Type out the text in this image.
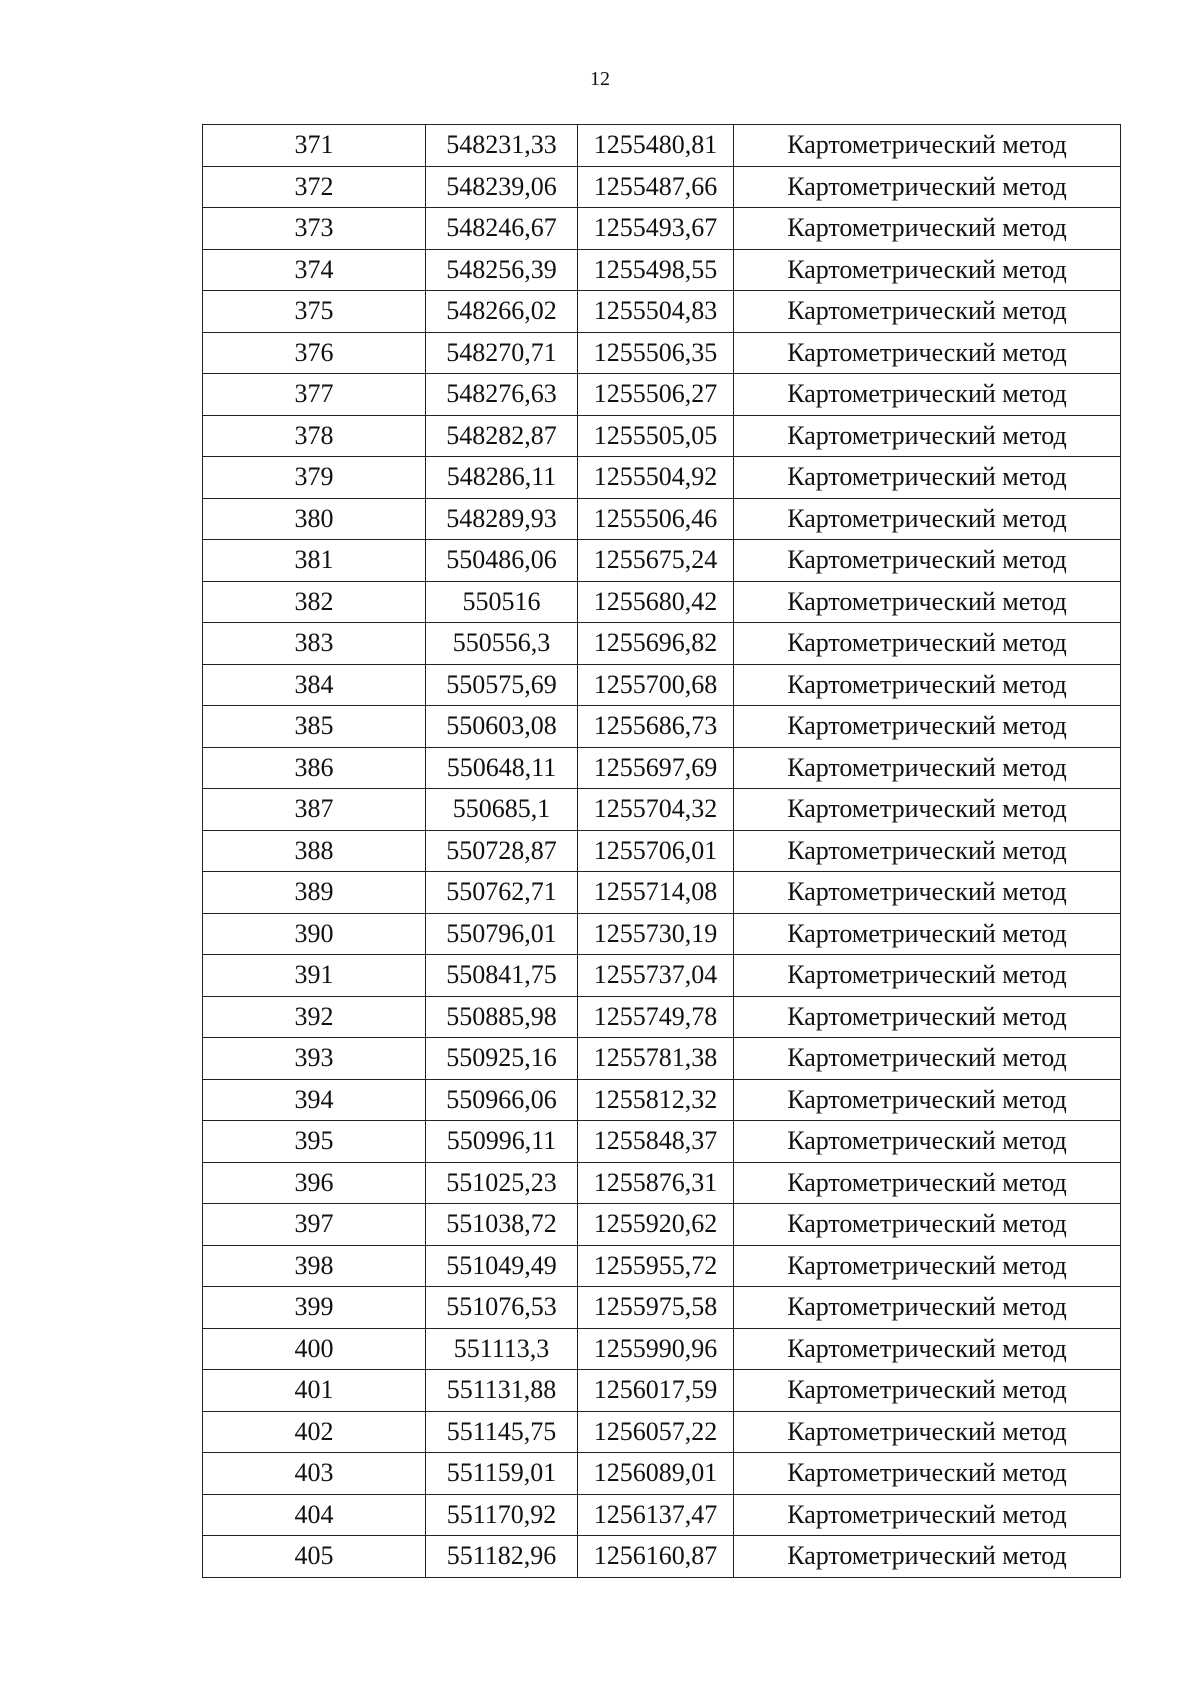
12
371	548231,33	1255480,81	Картометрический метод
372	548239,06	1255487,66	Картометрический метод
373	548246,67	1255493,67	Картометрический метод
374	548256,39	1255498,55	Картометрический метод
375	548266,02	1255504,83	Картометрический метод
376	548270,71	1255506,35	Картометрический метод
377	548276,63	1255506,27	Картометрический метод
378	548282,87	1255505,05	Картометрический метод
379	548286,11	1255504,92	Картометрический метод
380	548289,93	1255506,46	Картометрический метод
381	550486,06	1255675,24	Картометрический метод
382	550516	1255680,42	Картометрический метод
383	550556,3	1255696,82	Картометрический метод
384	550575,69	1255700,68	Картометрический метод
385	550603,08	1255686,73	Картометрический метод
386	550648,11	1255697,69	Картометрический метод
387	550685,1	1255704,32	Картометрический метод
388	550728,87	1255706,01	Картометрический метод
389	550762,71	1255714,08	Картометрический метод
390	550796,01	1255730,19	Картометрический метод
391	550841,75	1255737,04	Картометрический метод
392	550885,98	1255749,78	Картометрический метод
393	550925,16	1255781,38	Картометрический метод
394	550966,06	1255812,32	Картометрический метод
395	550996,11	1255848,37	Картометрический метод
396	551025,23	1255876,31	Картометрический метод
397	551038,72	1255920,62	Картометрический метод
398	551049,49	1255955,72	Картометрический метод
399	551076,53	1255975,58	Картометрический метод
400	551113,3	1255990,96	Картометрический метод
401	551131,88	1256017,59	Картометрический метод
402	551145,75	1256057,22	Картометрический метод
403	551159,01	1256089,01	Картометрический метод
404	551170,92	1256137,47	Картометрический метод
405	551182,96	1256160,87	Картометрический метод
